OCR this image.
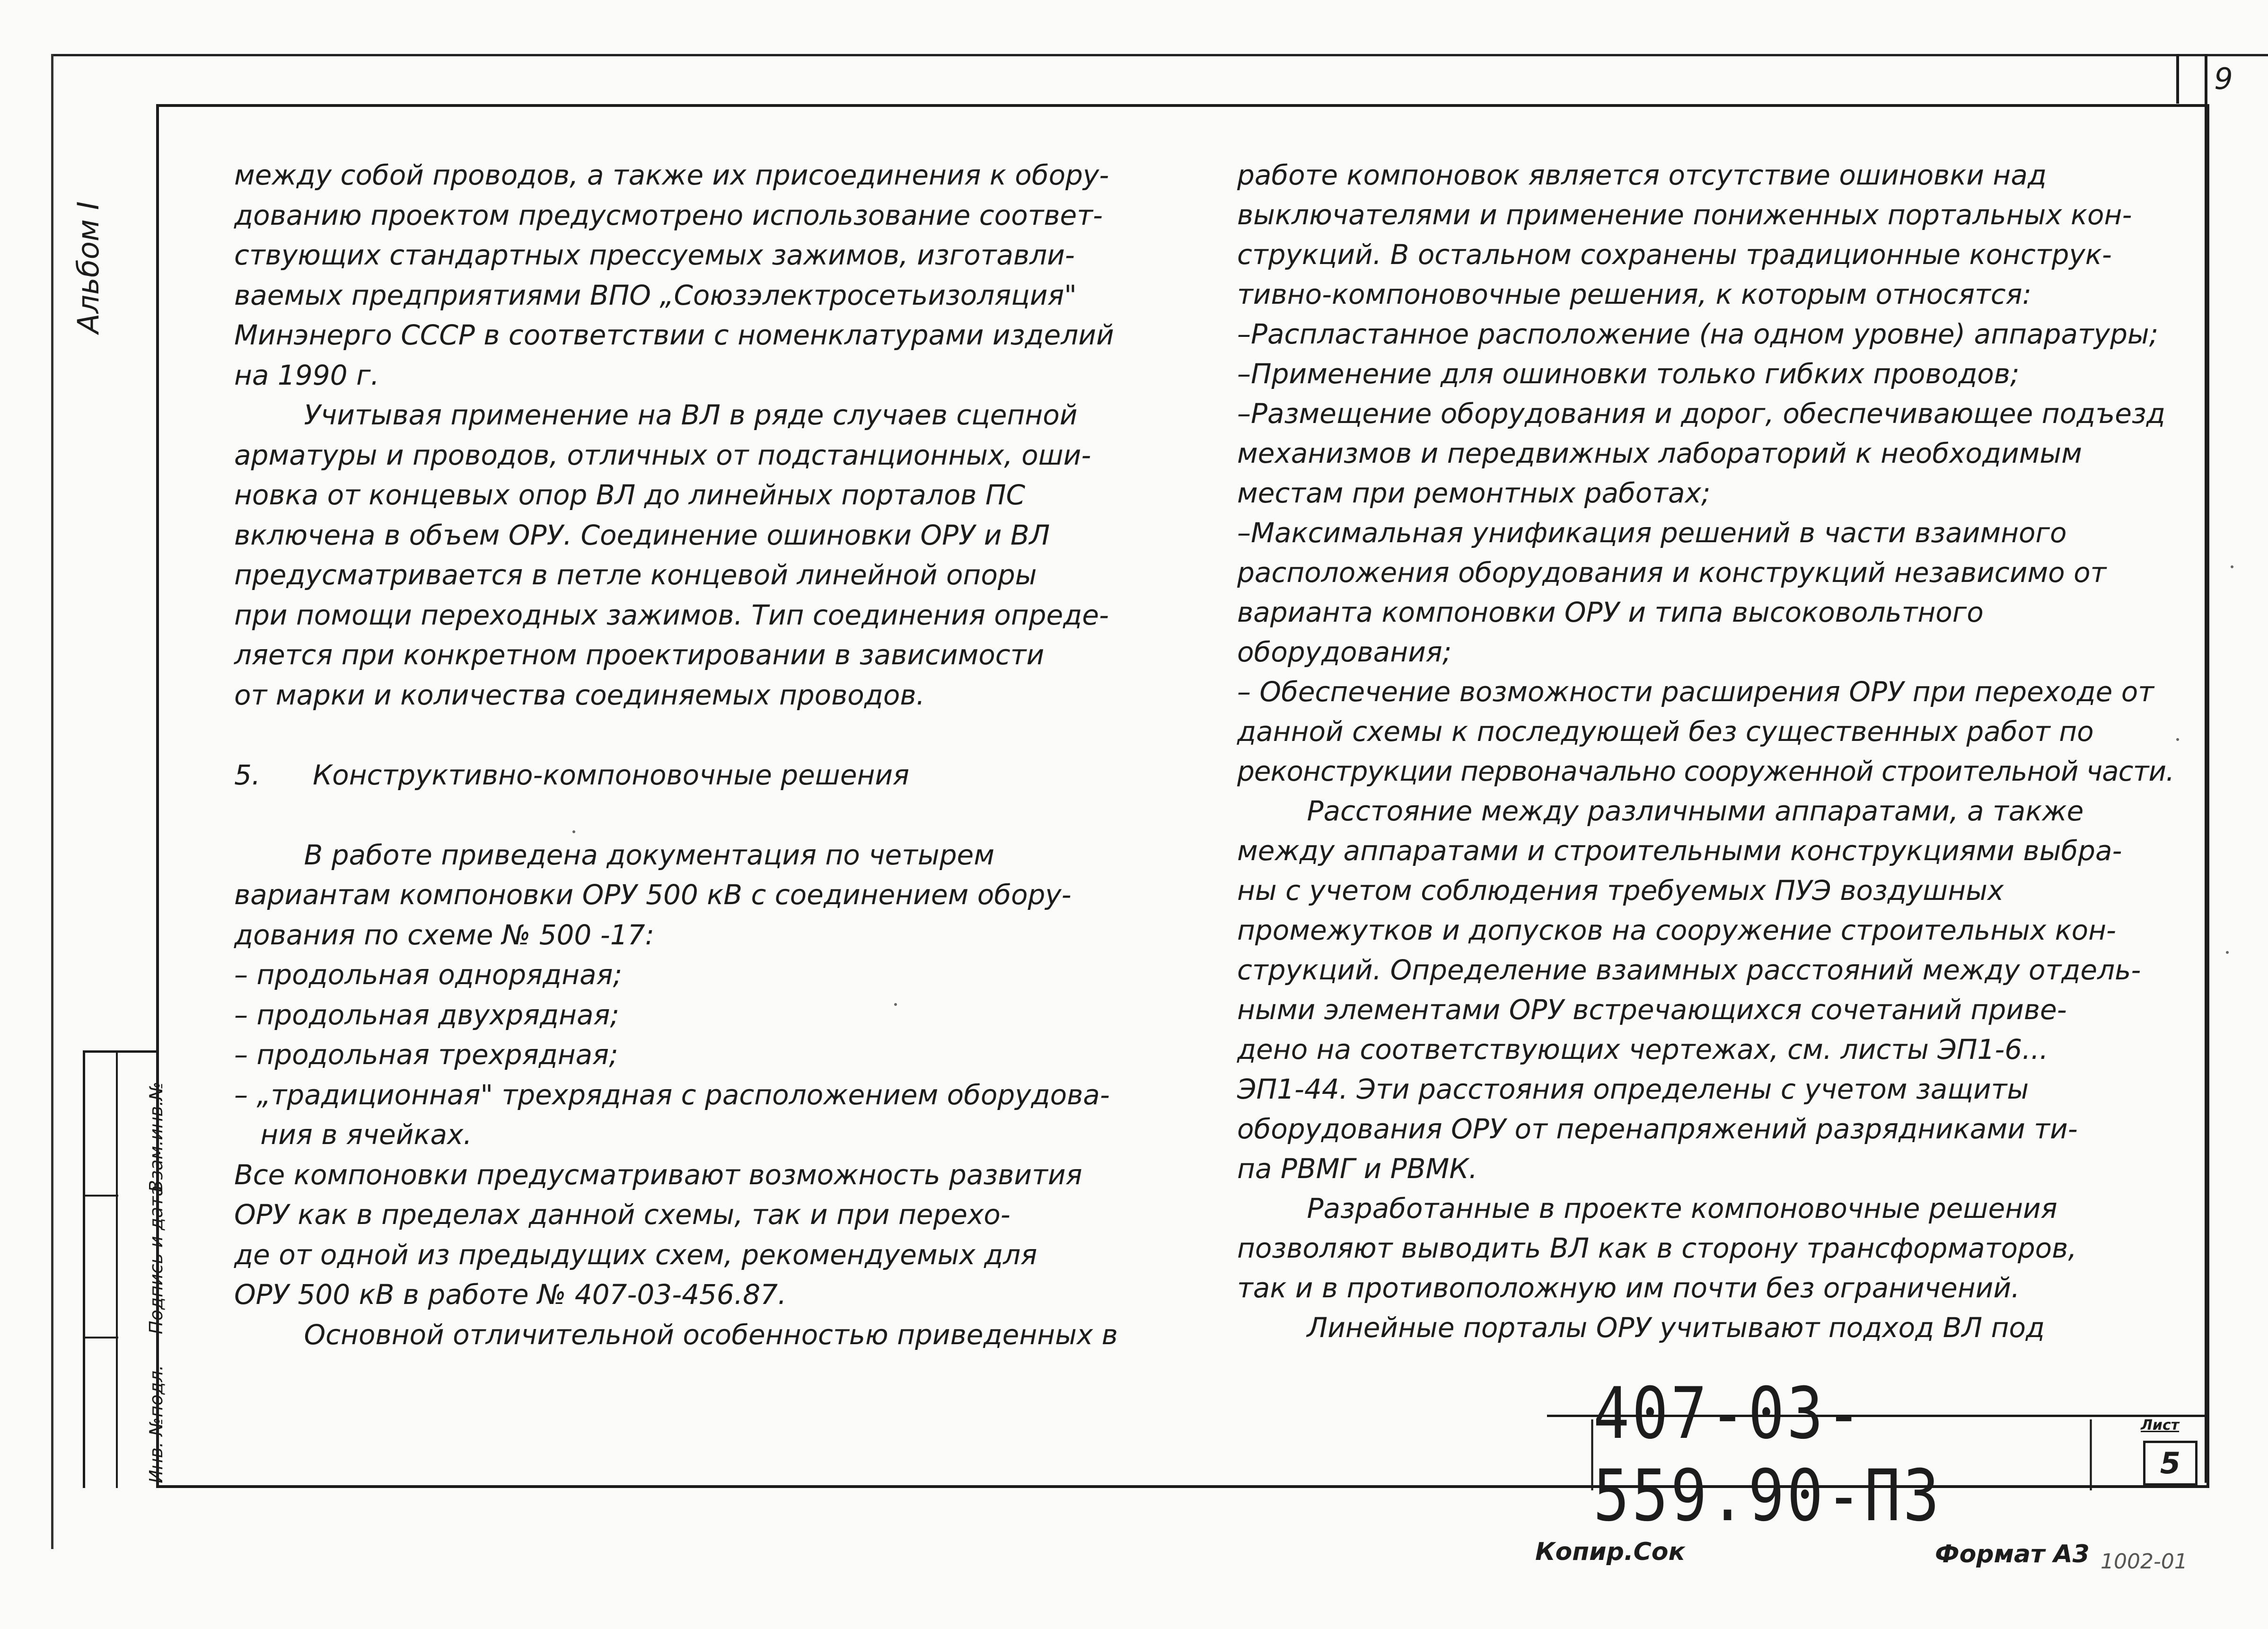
9
Альбом I
Инв. №подл.
Подпись и дата
Взам.инв.№

между собой проводов, а также их присоединения к обору-

дованию проектом предусмотрено использование соответ-

ствующих стандартных прессуемых зажимов, изготавли-

ваемых предприятиями ВПО „Союзэлектросетьизоляция"

Минэнерго СССР в соответствии с номенклатурами изделий

на 1990 г.

Учитывая применение на ВЛ в ряде случаев сцепной

арматуры и проводов, отличных от подстанционных, оши-

новка от концевых опор ВЛ до линейных порталов ПС

включена в объем ОРУ. Соединение ошиновки ОРУ и ВЛ

предусматривается в петле концевой линейной опоры

при помощи переходных зажимов. Тип соединения опреде-

ляется при конкретном проектировании в зависимости

от марки и количества соединяемых проводов.

5.      Конструктивно-компоновочные решения

В работе приведена документация по четырем

вариантам компоновки ОРУ 500 кВ с соединением обору-

дования по схеме № 500 -17:

– продольная однорядная;

– продольная двухрядная;

– продольная трехрядная;

– „традиционная" трехрядная с расположением оборудова-

ния в ячейках.

Все компоновки предусматривают возможность развития

ОРУ как в пределах данной схемы, так и при перехо-

де от одной из предыдущих схем, рекомендуемых для

ОРУ 500 кВ в работе № 407-03-456.87.

Основной отличительной особенностью приведенных в

работе компоновок является отсутствие ошиновки над

выключателями и применение пониженных портальных кон-

струкций. В остальном сохранены традиционные конструк-

тивно-компоновочные решения, к которым относятся:

–Распластанное расположение (на одном уровне) аппаратуры;

–Применение для ошиновки только гибких проводов;

–Размещение оборудования и дорог, обеспечивающее подъезд

механизмов и передвижных лабораторий к необходимым

местам при ремонтных работах;

–Максимальная унификация решений в части взаимного

расположения оборудования и конструкций независимо от

варианта компоновки ОРУ и типа высоковольтного

оборудования;

– Обеспечение возможности расширения ОРУ при переходе от

данной схемы к последующей без существенных работ по

реконструкции первоначально сооруженной строительной части.

Расстояние между различными аппаратами, а также

между аппаратами и строительными конструкциями выбра-

ны с учетом соблюдения требуемых ПУЭ воздушных

промежутков и допусков на сооружение строительных кон-

струкций. Определение взаимных расстояний между отдель-

ными элементами ОРУ встречающихся сочетаний приве-

дено на соответствующих чертежах, см. листы ЭП1-6...

ЭП1-44. Эти расстояния определены с учетом защиты

оборудования ОРУ от перенапряжений разрядниками ти-

па РВМГ и РВМК.

Разработанные в проекте компоновочные решения

позволяют выводить ВЛ как в сторону трансформаторов,

так и в противоположную им почти без ограничений.

Линейные порталы ОРУ учитывают подход ВЛ под

407-03-559.90-ПЗ
Лист
5
Копир.Сок	Формат А3 1002-01
